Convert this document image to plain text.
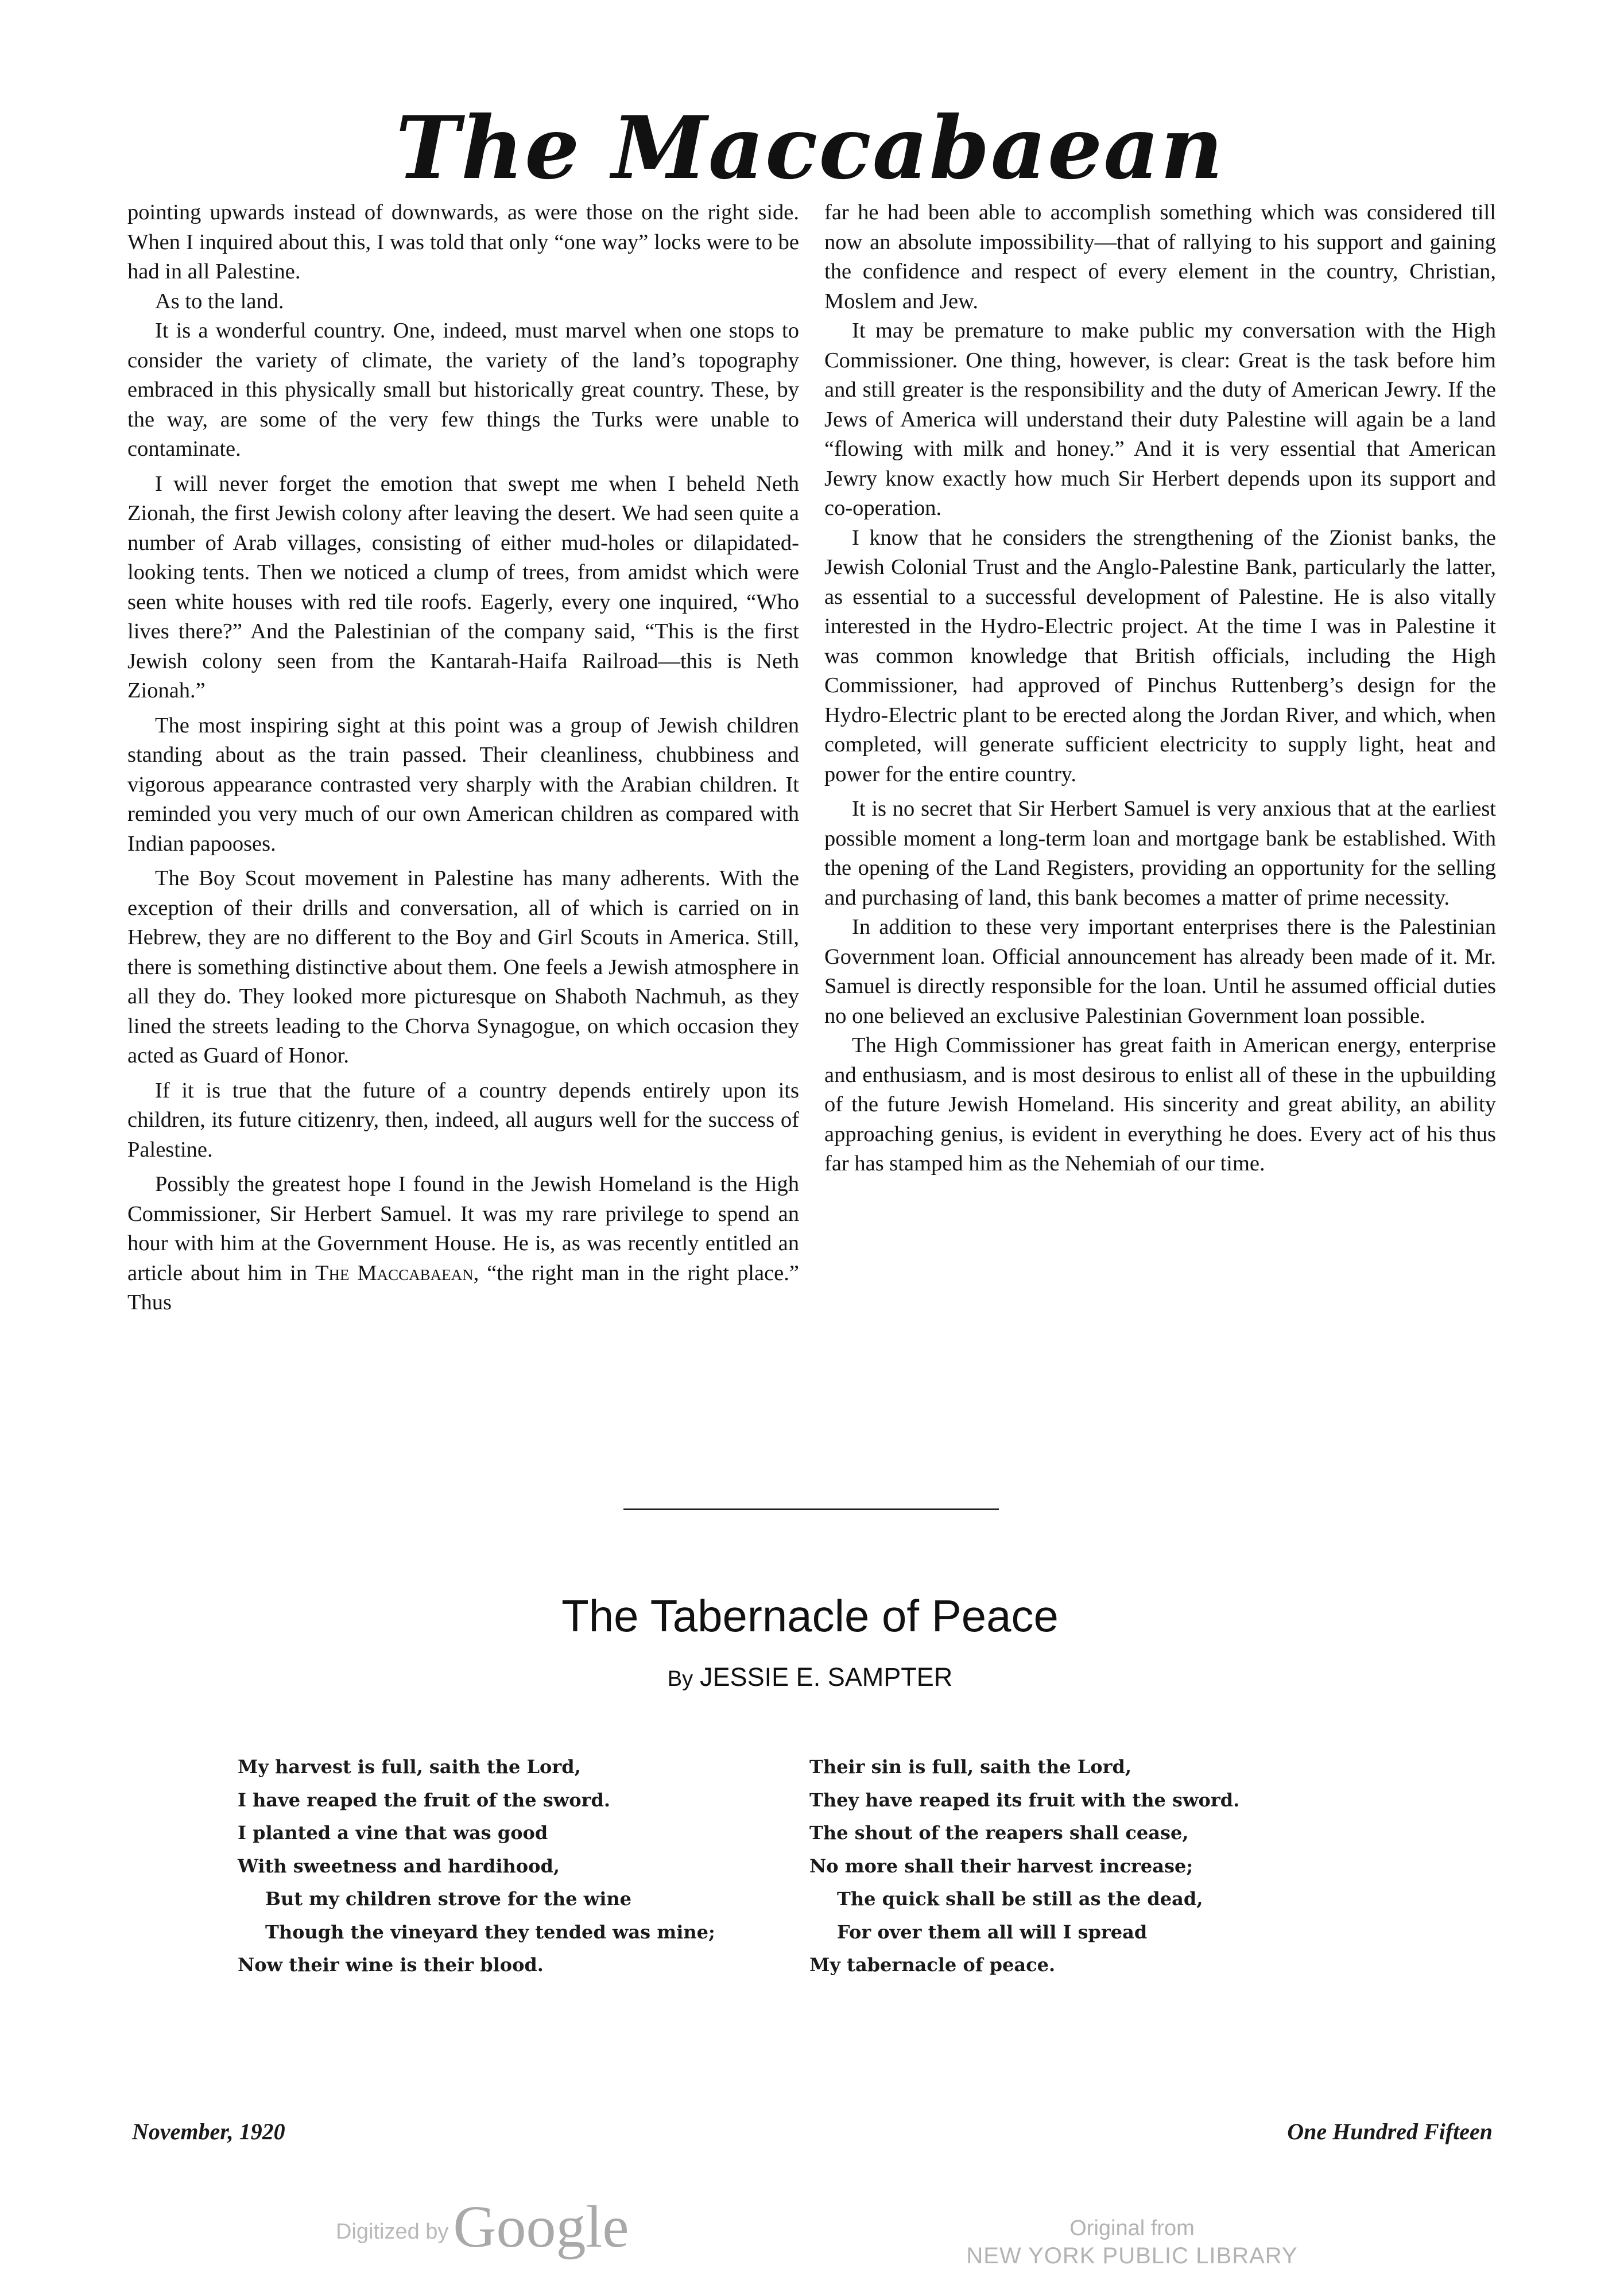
The Maccabaean

pointing upwards instead of downwards, as were those on the right side. When I inquired about this, I was told that only “one way” locks were to be had in all Palestine.

As to the land.

It is a wonderful country. One, indeed, must marvel when one stops to consider the variety of climate, the variety of the land’s topography embraced in this physically small but historically great country. These, by the way, are some of the very few things the Turks were unable to contaminate.

I will never forget the emotion that swept me when I beheld Neth Zionah, the first Jewish colony after leaving the desert. We had seen quite a number of Arab villages, consisting of either mud-holes or dilapidated-looking tents. Then we noticed a clump of trees, from amidst which were seen white houses with red tile roofs. Eagerly, every one inquired, “Who lives there?” And the Palestinian of the company said, “This is the first Jewish colony seen from the Kantarah-Haifa Railroad—this is Neth Zionah.”

The most inspiring sight at this point was a group of Jewish children standing about as the train passed. Their cleanliness, chubbiness and vigorous appearance contrasted very sharply with the Arabian children. It reminded you very much of our own American children as compared with Indian papooses.

The Boy Scout movement in Palestine has many adherents. With the exception of their drills and conversation, all of which is carried on in Hebrew, they are no different to the Boy and Girl Scouts in America. Still, there is something distinctive about them. One feels a Jewish atmosphere in all they do. They looked more picturesque on Shaboth Nachmuh, as they lined the streets leading to the Chorva Synagogue, on which occasion they acted as Guard of Honor.

If it is true that the future of a country depends entirely upon its children, its future citizenry, then, indeed, all augurs well for the success of Palestine.

Possibly the greatest hope I found in the Jewish Homeland is the High Commissioner, Sir Herbert Samuel. It was my rare privilege to spend an hour with him at the Government House. He is, as was recently entitled an article about him in The Maccabaean, “the right man in the right place.” Thus

far he had been able to accomplish something which was considered till now an absolute impossibility—that of rallying to his support and gaining the confidence and respect of every element in the country, Christian, Moslem and Jew.

It may be premature to make public my conversation with the High Commissioner. One thing, however, is clear: Great is the task before him and still greater is the responsibility and the duty of American Jewry. If the Jews of America will understand their duty Palestine will again be a land “flowing with milk and honey.” And it is very essential that American Jewry know exactly how much Sir Herbert depends upon its support and co-operation.

I know that he considers the strengthening of the Zionist banks, the Jewish Colonial Trust and the Anglo-Palestine Bank, particularly the latter, as essential to a successful development of Palestine. He is also vitally interested in the Hydro-Electric project. At the time I was in Palestine it was common knowledge that British officials, including the High Commissioner, had approved of Pinchus Ruttenberg’s design for the Hydro-Electric plant to be erected along the Jordan River, and which, when completed, will generate sufficient electricity to supply light, heat and power for the entire country.

It is no secret that Sir Herbert Samuel is very anxious that at the earliest possible moment a long-term loan and mortgage bank be established. With the opening of the Land Registers, providing an opportunity for the selling and purchasing of land, this bank becomes a matter of prime necessity.

In addition to these very important enterprises there is the Palestinian Government loan. Official announcement has already been made of it. Mr. Samuel is directly responsible for the loan. Until he assumed official duties no one believed an exclusive Palestinian Government loan possible.

The High Commissioner has great faith in American energy, enterprise and enthusiasm, and is most desirous to enlist all of these in the upbuilding of the future Jewish Homeland. His sincerity and great ability, an ability approaching genius, is evident in everything he does. Every act of his thus far has stamped him as the Nehemiah of our time.

The Tabernacle of Peace
By JESSIE E. SAMPTER
My harvest is full, saith the Lord,
I have reaped the fruit of the sword.
I planted a vine that was good
With sweetness and hardihood,
But my children strove for the wine
Though the vineyard they tended was mine;
Now their wine is their blood.
Their sin is full, saith the Lord,
They have reaped its fruit with the sword.
The shout of the reapers shall cease,
No more shall their harvest increase;
The quick shall be still as the dead,
For over them all will I spread
My tabernacle of peace.
November, 1920	One Hundred Fifteen
Digitized byGoogle	Original from
NEW YORK PUBLIC LIBRARY
